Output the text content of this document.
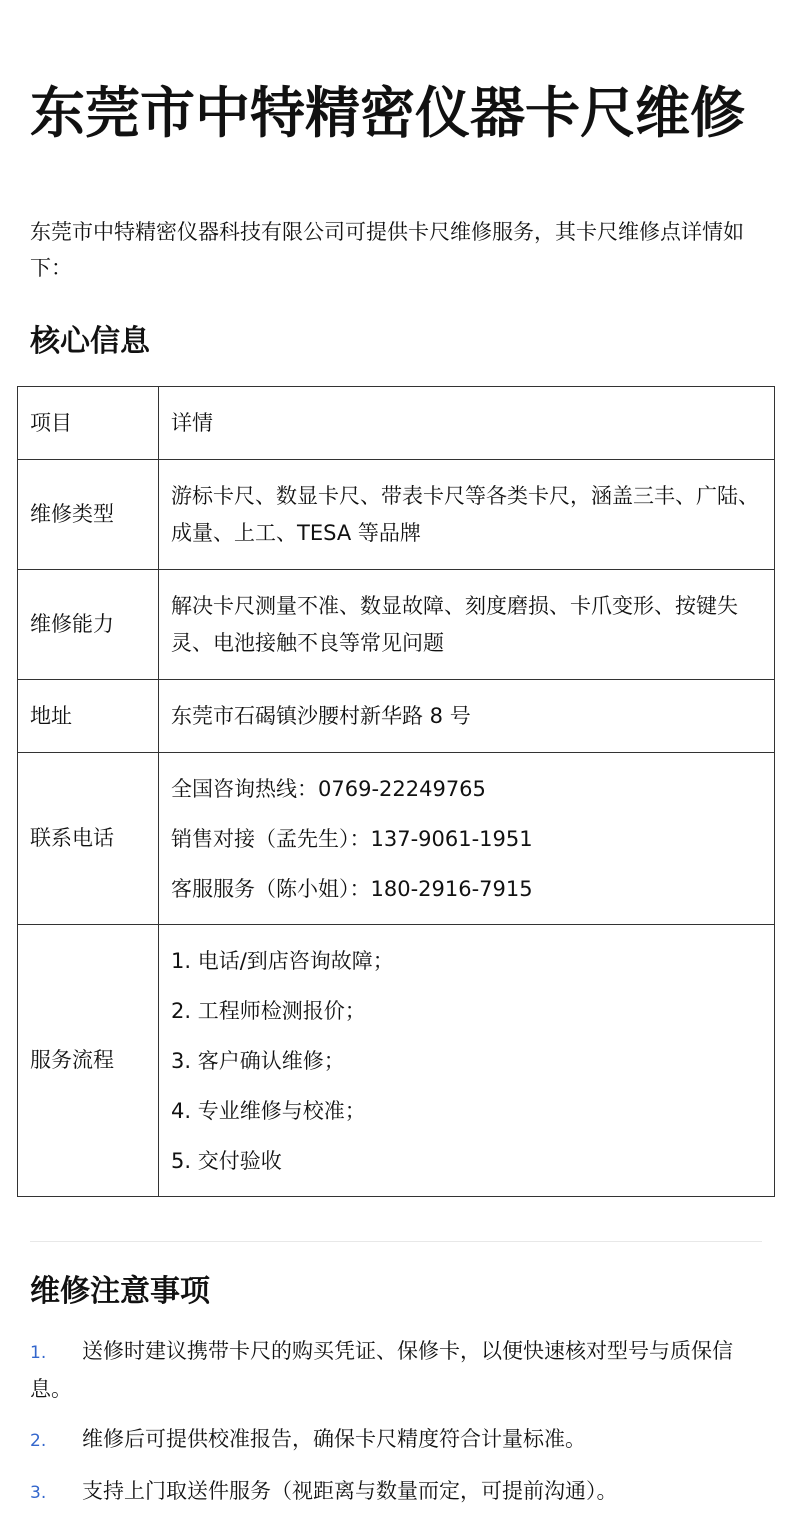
东莞市中特精密仪器卡尺维修

东莞市中特精密仪器科技有限公司可提供卡尺维修服务，其卡尺维修点详情如下：

核心信息
项目	详情
维修类型	游标卡尺、数显卡尺、带表卡尺等各类卡尺，涵盖三丰、广陆、成量、上工、TESA 等品牌
维修能力	解决卡尺测量不准、数显故障、刻度磨损、卡爪变形、按键失灵、电池接触不良等常见问题
地址	东莞市石碣镇沙腰村新华路 8 号
联系电话	全国咨询热线：0769-22249765

销售对接（孟先生）：137-9061-1951

客服服务（陈小姐）：180-2916-7915

服务流程	1. 电话/到店咨询故障；

2. 工程师检测报价；

3. 客户确认维修；

4. 专业维修与校准；

5. 交付验收

维修注意事项
1. 送修时建议携带卡尺的购买凭证、保修卡，以便快速核对型号与质保信息。
2. 维修后可提供校准报告，确保卡尺精度符合计量标准。
3. 支持上门取送件服务（视距离与数量而定，可提前沟通）。
